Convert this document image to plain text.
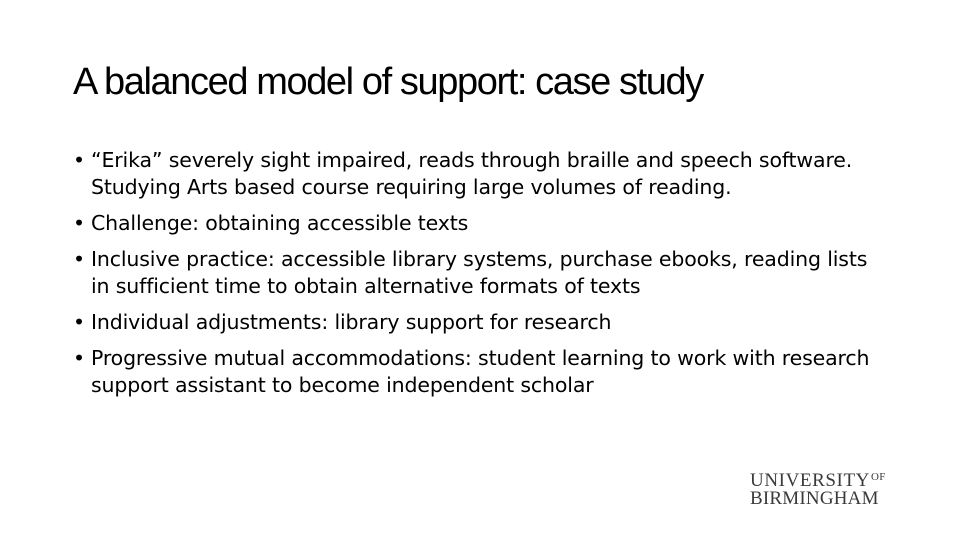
A balanced model of support: case study
• “Erika” severely sight impaired, reads through braille and speech software. Studying Arts based course requiring large volumes of reading.
• Challenge: obtaining accessible texts
• Inclusive practice: accessible library systems, purchase ebooks, reading lists in sufficient time to obtain alternative formats of texts
• Individual adjustments: library support for research
• Progressive mutual accommodations: student learning to work with research support assistant to become independent scholar
$UNIVERSITY^{OF}$
BIRMINGHAM
